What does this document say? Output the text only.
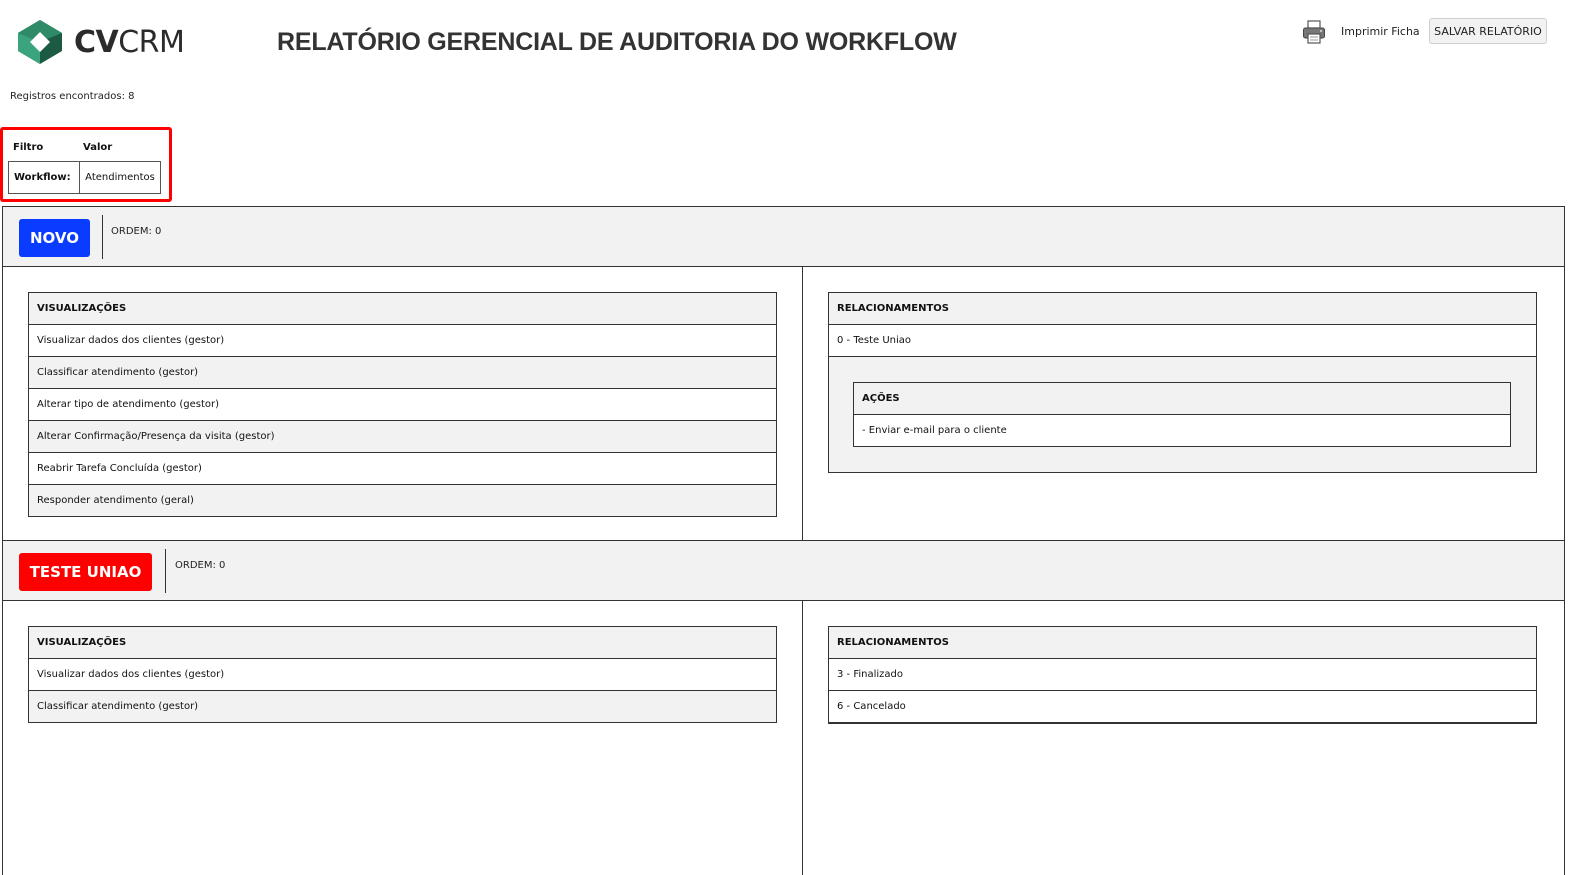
CVCRM	RELATÓRIO GERENCIAL DE AUDITORIA DO WORKFLOW	Imprimir Ficha	SALVAR RELATÓRIO
Registros encontrados: 8
Filtro	Valor
Workflow:	Atendimentos
NOVO	ORDEM: 0
VISUALIZAÇÕES
Visualizar dados dos clientes (gestor)
Classificar atendimento (gestor)
Alterar tipo de atendimento (gestor)
Alterar Confirmação/Presença da visita (gestor)
Reabrir Tarefa Concluída (gestor)
Responder atendimento (geral)
RELACIONAMENTOS
0 - Teste Uniao
AÇÕES
- Enviar e-mail para o cliente
TESTE UNIAO	ORDEM: 0
VISUALIZAÇÕES
Visualizar dados dos clientes (gestor)
Classificar atendimento (gestor)
RELACIONAMENTOS
3 - Finalizado
6 - Cancelado
